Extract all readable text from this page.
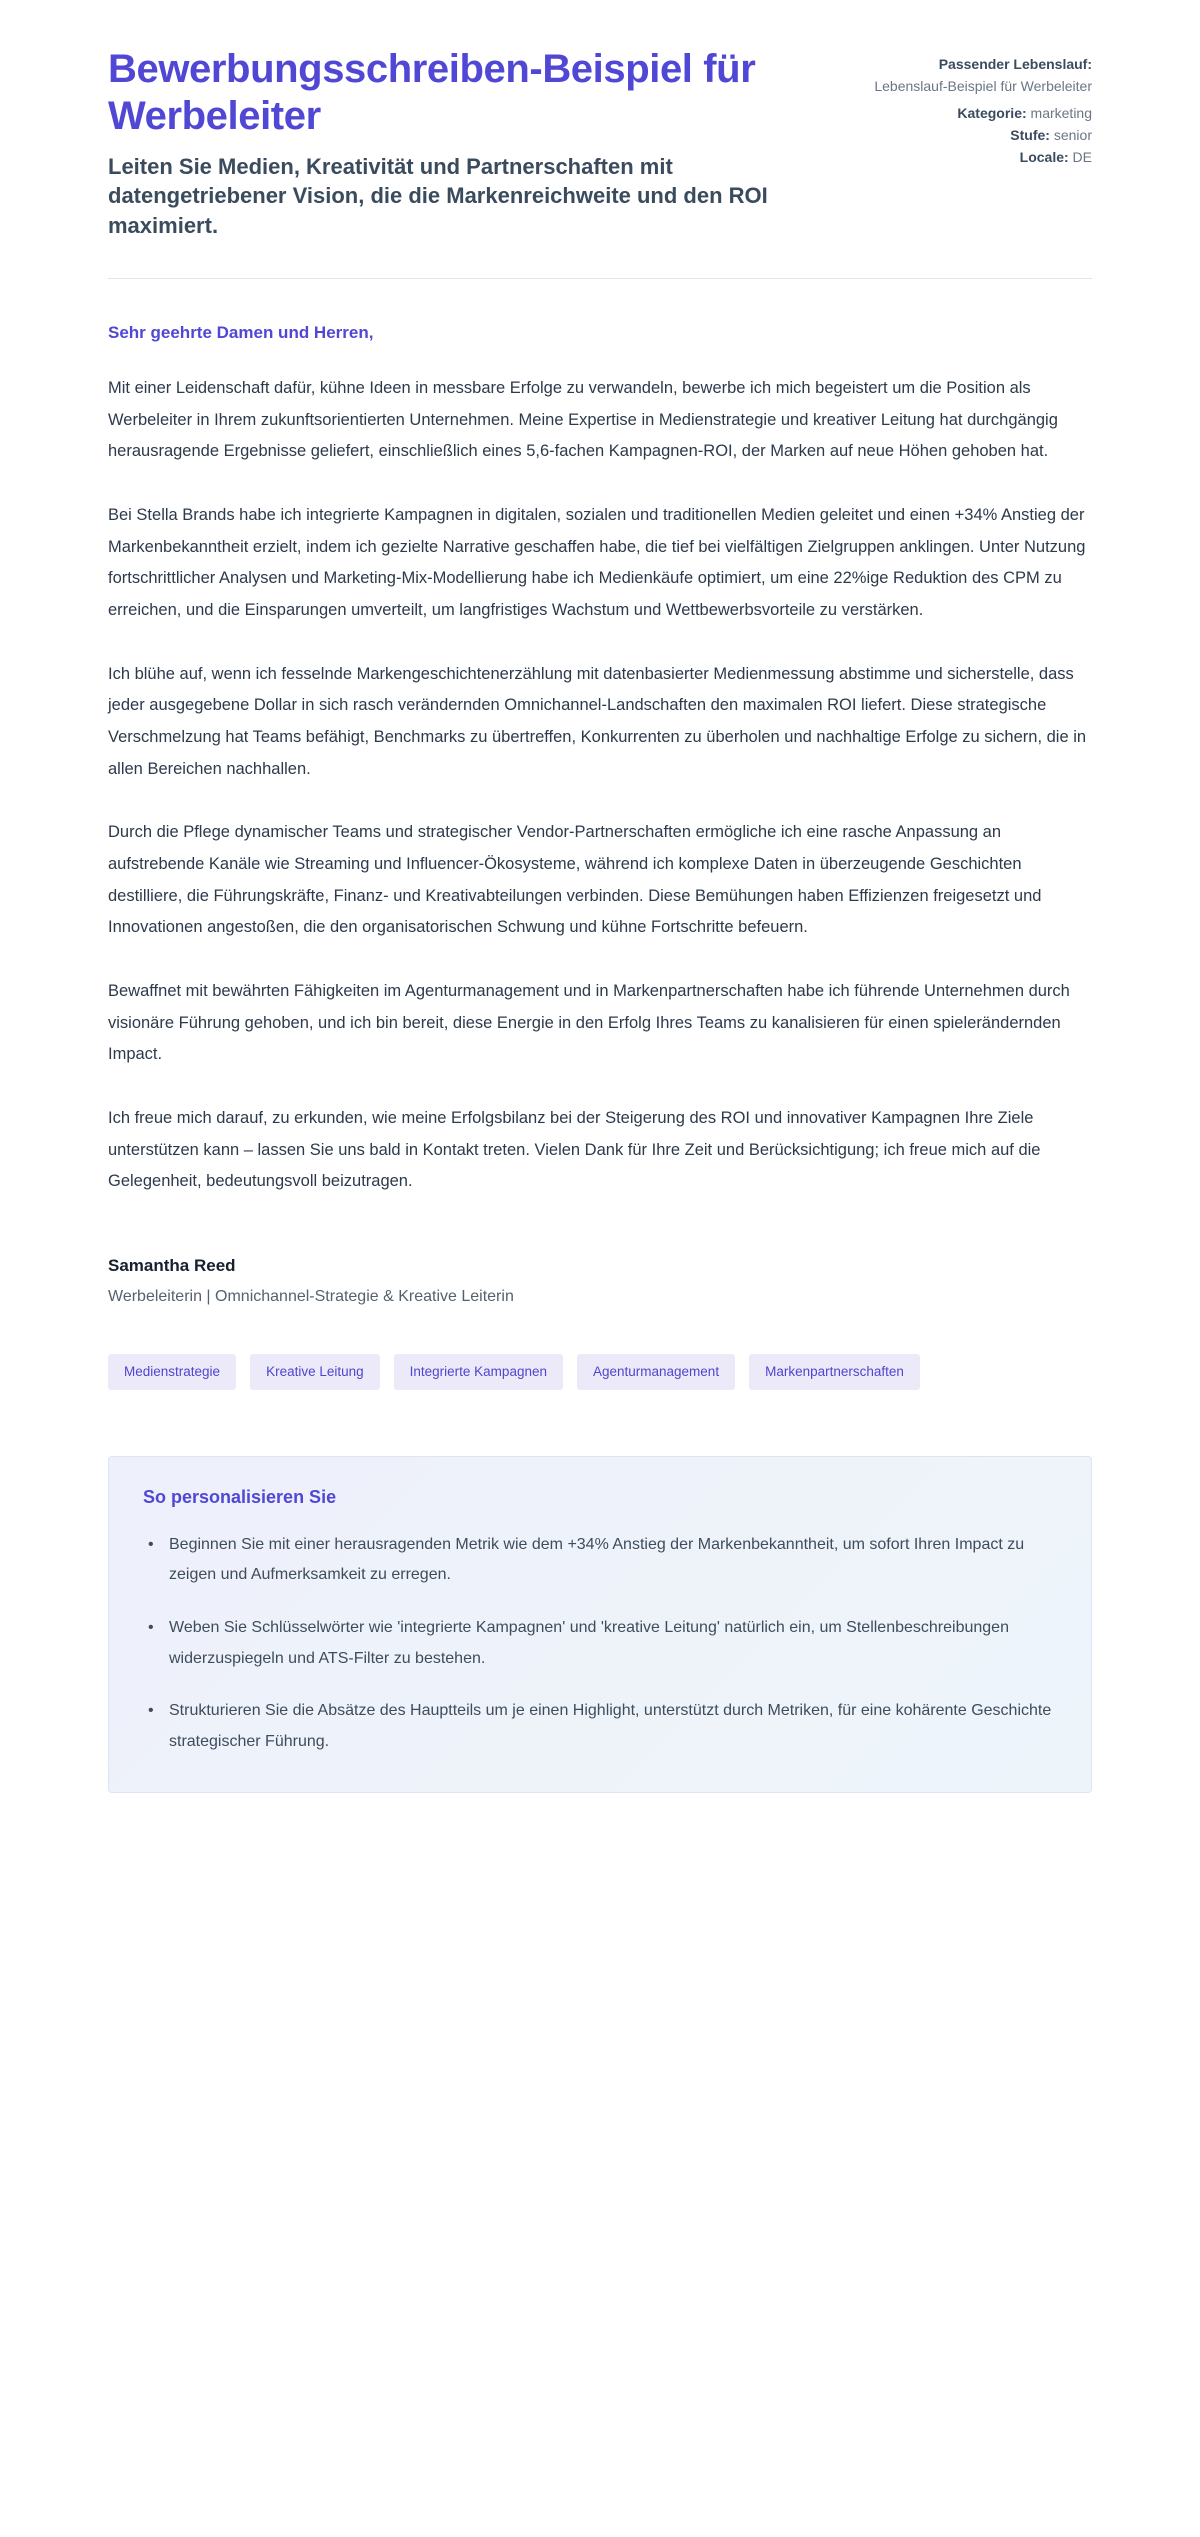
Bewerbungsschreiben-Beispiel für Werbeleiter

Leiten Sie Medien, Kreativität und Partnerschaften mit datengetriebener Vision, die die Markenreichweite und den ROI maximiert.

Passender Lebenslauf:
Lebenslauf-Beispiel für Werbeleiter
Kategorie: marketing
Stufe: senior
Locale: DE

Sehr geehrte Damen und Herren,

Mit einer Leidenschaft dafür, kühne Ideen in messbare Erfolge zu verwandeln, bewerbe ich mich begeistert um die Position als Werbeleiter in Ihrem zukunftsorientierten Unternehmen. Meine Expertise in Medienstrategie und kreativer Leitung hat durchgängig herausragende Ergebnisse geliefert, einschließlich eines 5,6-fachen Kampagnen-ROI, der Marken auf neue Höhen gehoben hat.

Bei Stella Brands habe ich integrierte Kampagnen in digitalen, sozialen und traditionellen Medien geleitet und einen +34% Anstieg der Markenbekanntheit erzielt, indem ich gezielte Narrative geschaffen habe, die tief bei vielfältigen Zielgruppen anklingen. Unter Nutzung fortschrittlicher Analysen und Marketing-Mix-Modellierung habe ich Medienkäufe optimiert, um eine 22%ige Reduktion des CPM zu erreichen, und die Einsparungen umverteilt, um langfristiges Wachstum und Wettbewerbsvorteile zu verstärken.

Ich blühe auf, wenn ich fesselnde Markengeschichtenerzählung mit datenbasierter Medienmessung abstimme und sicherstelle, dass jeder ausgegebene Dollar in sich rasch verändernden Omnichannel-Landschaften den maximalen ROI liefert. Diese strategische Verschmelzung hat Teams befähigt, Benchmarks zu übertreffen, Konkurrenten zu überholen und nachhaltige Erfolge zu sichern, die in allen Bereichen nachhallen.

Durch die Pflege dynamischer Teams und strategischer Vendor-Partnerschaften ermögliche ich eine rasche Anpassung an aufstrebende Kanäle wie Streaming und Influencer-Ökosysteme, während ich komplexe Daten in überzeugende Geschichten destilliere, die Führungskräfte, Finanz- und Kreativabteilungen verbinden. Diese Bemühungen haben Effizienzen freigesetzt und Innovationen angestoßen, die den organisatorischen Schwung und kühne Fortschritte befeuern.

Bewaffnet mit bewährten Fähigkeiten im Agenturmanagement und in Markenpartnerschaften habe ich führende Unternehmen durch visionäre Führung gehoben, und ich bin bereit, diese Energie in den Erfolg Ihres Teams zu kanalisieren für einen spielerändernden Impact.

Ich freue mich darauf, zu erkunden, wie meine Erfolgsbilanz bei der Steigerung des ROI und innovativer Kampagnen Ihre Ziele unterstützen kann – lassen Sie uns bald in Kontakt treten. Vielen Dank für Ihre Zeit und Berücksichtigung; ich freue mich auf die Gelegenheit, bedeutungsvoll beizutragen.

Samantha Reed

Werbeleiterin | Omnichannel-Strategie & Kreative Leiterin

Medienstrategie	Kreative Leitung	Integrierte Kampagnen	Agenturmanagement	Markenpartnerschaften
So personalisieren Sie
• Beginnen Sie mit einer herausragenden Metrik wie dem +34% Anstieg der Markenbekanntheit, um sofort Ihren Impact zu zeigen und Aufmerksamkeit zu erregen.
• Weben Sie Schlüsselwörter wie 'integrierte Kampagnen' und 'kreative Leitung' natürlich ein, um Stellenbeschreibungen widerzuspiegeln und ATS-Filter zu bestehen.
• Strukturieren Sie die Absätze des Hauptteils um je einen Highlight, unterstützt durch Metriken, für eine kohärente Geschichte strategischer Führung.
